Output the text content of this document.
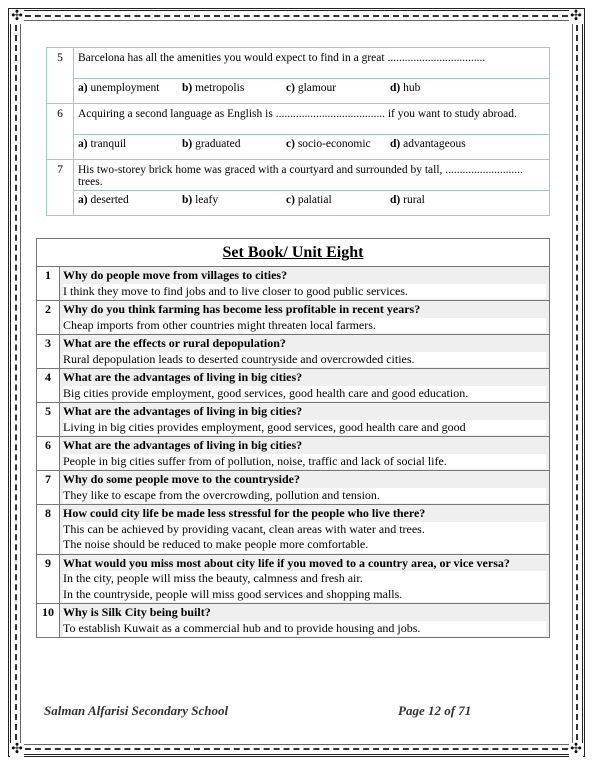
✣	✣
✣	✣
5	Barcelona has all the amenities you would expect to find in a great ..................................

	a) unemployment b) metropolis c) glamour d) hub

6	Acquiring a second language as English is ...................................... if you want to study abroad.

	a) tranquil b) graduated c) socio-economic d) advantageous

7	His two-storey brick home was graced with a courtyard and surrounded by tall, ........................... trees.

	a) deserted b) leafy c) palatial d) rural
Set Book/ Unit Eight	
1	Why do people move from villages to cities?
I think they move to find jobs and to live closer to good public services.

2	Why do you think farming has become less profitable in recent years?
Cheap imports from other countries might threaten local farmers.

3	What are the effects or rural depopulation?
Rural depopulation leads to deserted countryside and overcrowded cities.

4	What are the advantages of living in big cities?
Big cities provide employment, good services, good health care and good education.

5	What are the advantages of living in big cities?
Living in big cities provides employment, good services, good health care and good

6	What are the advantages of living in big cities?
People in big cities suffer from of pollution, noise, traffic and lack of social life.

7	Why do some people move to the countryside?
They like to escape from the overcrowding, pollution and tension.

8	How could city life be made less stressful for the people who live there?
This can be achieved by providing vacant, clean areas with water and trees.
The noise should be reduced to make people more comfortable.

9	What would you miss most about city life if you moved to a country area, or vice versa?
In the city, people will miss the beauty, calmness and fresh air.
In the countryside, people will miss good services and shopping malls.

10	Why is Silk City being built?
To establish Kuwait as a commercial hub and to provide housing and jobs.
Salman Alfarisi Secondary School	Page 12 of 71
